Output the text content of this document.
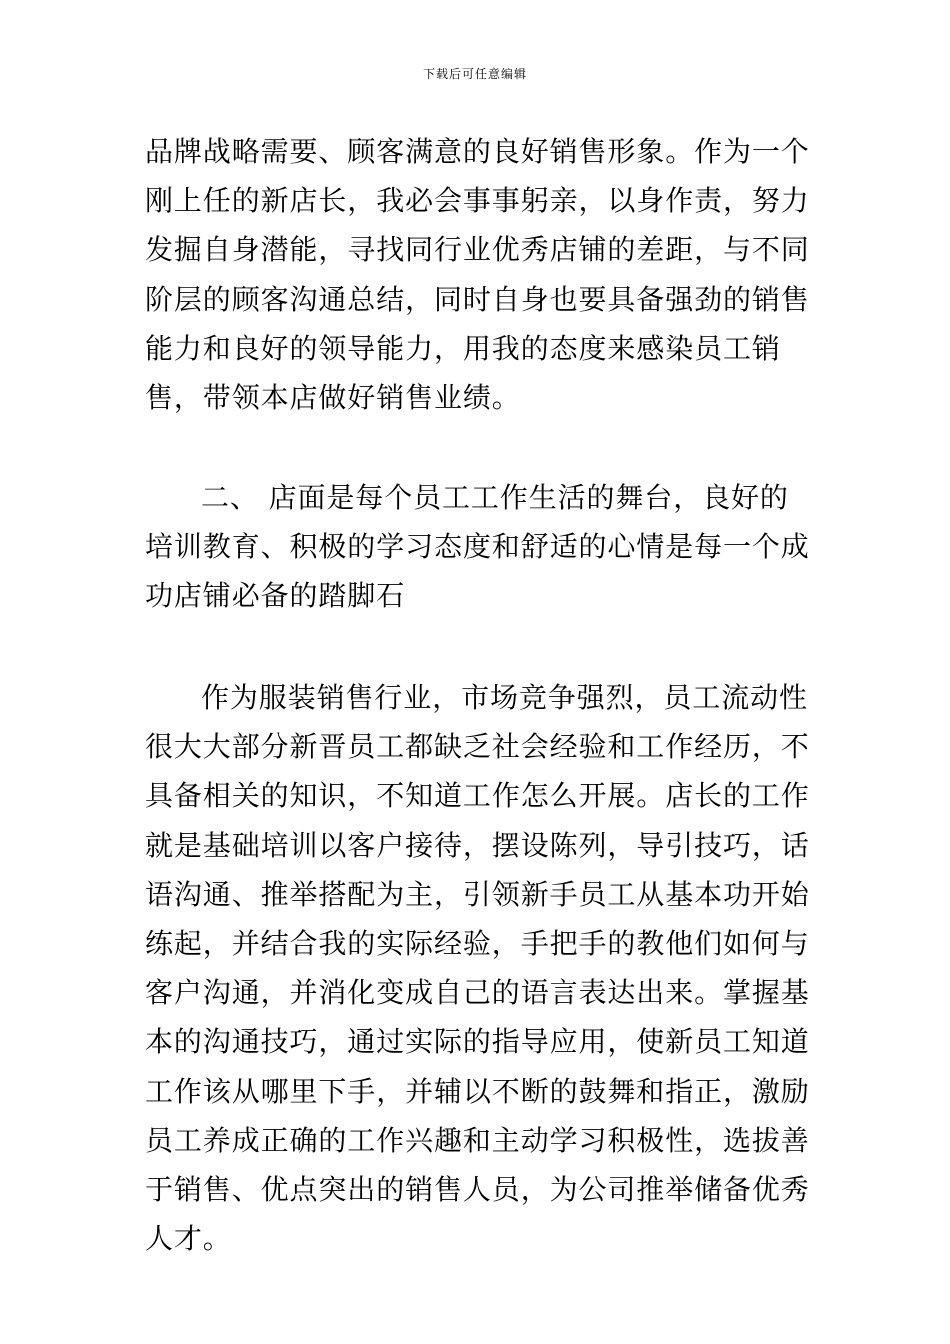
下载后可任意编辑

品牌战略需要、顾客满意的良好销售形象。作为一个刚上任的新店长，我必会事事躬亲，以身作责，努力发掘自身潜能，寻找同行业优秀店铺的差距，与不同阶层的顾客沟通总结，同时自身也要具备强劲的销售能力和良好的领导能力，用我的态度来感染员工销售，带领本店做好销售业绩。

二、 店面是每个员工工作生活的舞台，良好的培训教育、积极的学习态度和舒适的心情是每一个成功店铺必备的踏脚石

作为服装销售行业，市场竞争强烈，员工流动性很大大部分新晋员工都缺乏社会经验和工作经历，不具备相关的知识，不知道工作怎么开展。店长的工作就是基础培训以客户接待，摆设陈列，导引技巧，话语沟通、推举搭配为主，引领新手员工从基本功开始练起，并结合我的实际经验，手把手的教他们如何与客户沟通，并消化变成自己的语言表达出来。掌握基本的沟通技巧，通过实际的指导应用，使新员工知道工作该从哪里下手，并辅以不断的鼓舞和指正，激励员工养成正确的工作兴趣和主动学习积极性，选拔善于销售、优点突出的销售人员，为公司推举储备优秀人才。
